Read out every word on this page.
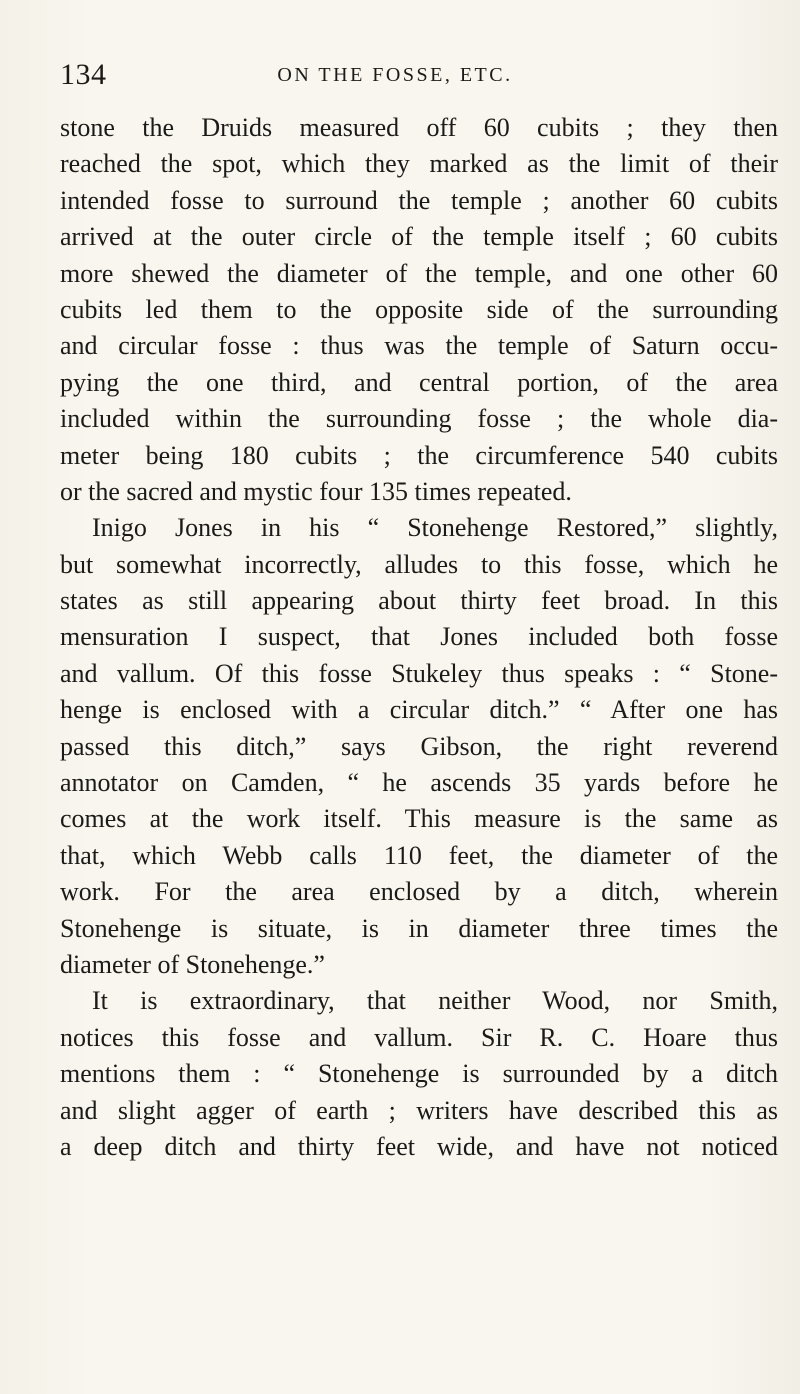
134	ON THE FOSSE, ETC.
stone the Druids measured off 60 cubits ; they then
reached the spot, which they marked as the limit of their
intended fosse to surround the temple ; another 60 cubits
arrived at the outer circle of the temple itself ; 60 cubits
more shewed the diameter of the temple, and one other 60
cubits led them to the opposite side of the surrounding
and circular fosse : thus was the temple of Saturn occu-
pying the one third, and central portion, of the area
included within the surrounding fosse ; the whole dia-
meter being 180 cubits ; the circumference 540 cubits
or the sacred and mystic four 135 times repeated.
Inigo Jones in his “ Stonehenge Restored,” slightly,
but somewhat incorrectly, alludes to this fosse, which he
states as still appearing about thirty feet broad. In this
mensuration I suspect, that Jones included both fosse
and vallum. Of this fosse Stukeley thus speaks : “ Stone-
henge is enclosed with a circular ditch.” “ After one has
passed this ditch,” says Gibson, the right reverend
annotator on Camden, “ he ascends 35 yards before he
comes at the work itself. This measure is the same as
that, which Webb calls 110 feet, the diameter of the
work. For the area enclosed by a ditch, wherein
Stonehenge is situate, is in diameter three times the
diameter of Stonehenge.”
It is extraordinary, that neither Wood, nor Smith,
notices this fosse and vallum. Sir R. C. Hoare thus
mentions them : “ Stonehenge is surrounded by a ditch
and slight agger of earth ; writers have described this as
a deep ditch and thirty feet wide, and have not noticed
